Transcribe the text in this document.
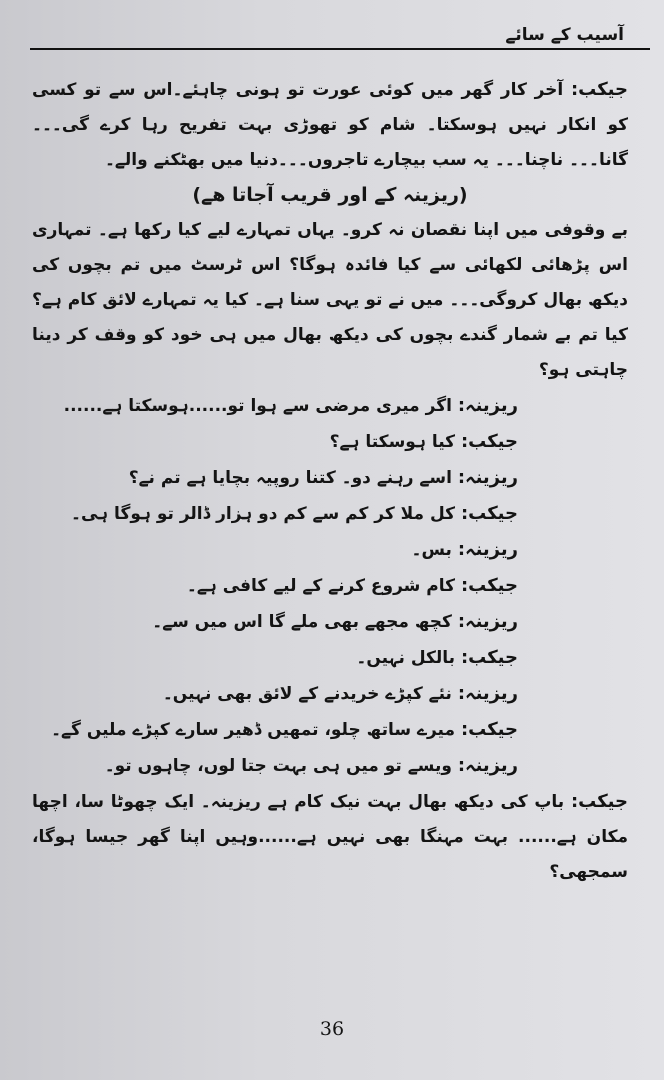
آسیب کے سائے

جیکب: آخر کار گھر میں کوئی عورت تو ہونی چاہئے۔اس سے تو کسی کو انکار نہیں ہوسکتا۔ شام کو تھوڑی بہت تفریح رہا کرے گی۔۔۔ گانا۔۔۔ ناچنا۔۔۔ یہ سب بیچارے تاجروں۔۔۔دنیا میں بھٹکنے والے۔

(ریزینہ کے اور قریب آجاتا ھے)

بے وقوفی میں اپنا نقصان نہ کرو۔ یہاں تمہارے لیے کیا رکھا ہے۔ تمہاری اس پڑھائی لکھائی سے کیا فائدہ ہوگا؟ اس ٹرسٹ میں تم بچوں کی دیکھ بھال کروگی۔۔۔ میں نے تو یہی سنا ہے۔ کیا یہ تمہارے لائق کام ہے؟ کیا تم بے شمار گندے بچوں کی دیکھ بھال میں ہی خود کو وقف کر دینا چاہتی ہو؟

ریزینہ: اگر میری مرضی سے ہوا تو......ہوسکتا ہے......

جیکب: کیا ہوسکتا ہے؟

ریزینہ: اسے رہنے دو۔ کتنا روپیہ بچایا ہے تم نے؟

جیکب: کل ملا کر کم سے کم دو ہزار ڈالر تو ہوگا ہی۔

ریزینہ: بس۔

جیکب: کام شروع کرنے کے لیے کافی ہے۔

ریزینہ: کچھ مجھے بھی ملے گا اس میں سے۔

جیکب: بالکل نہیں۔

ریزینہ: نئے کپڑے خریدنے کے لائق بھی نہیں۔

جیکب: میرے ساتھ چلو، تمھیں ڈھیر سارے کپڑے ملیں گے۔

ریزینہ: ویسے تو میں ہی بہت جتا لوں، چاہوں تو۔

جیکب: باپ کی دیکھ بھال بہت نیک کام ہے ریزینہ۔ ایک چھوٹا سا، اچھا مکان ہے...... بہت مہنگا بھی نہیں ہے......وہیں اپنا گھر جیسا ہوگا، سمجھی؟

36
